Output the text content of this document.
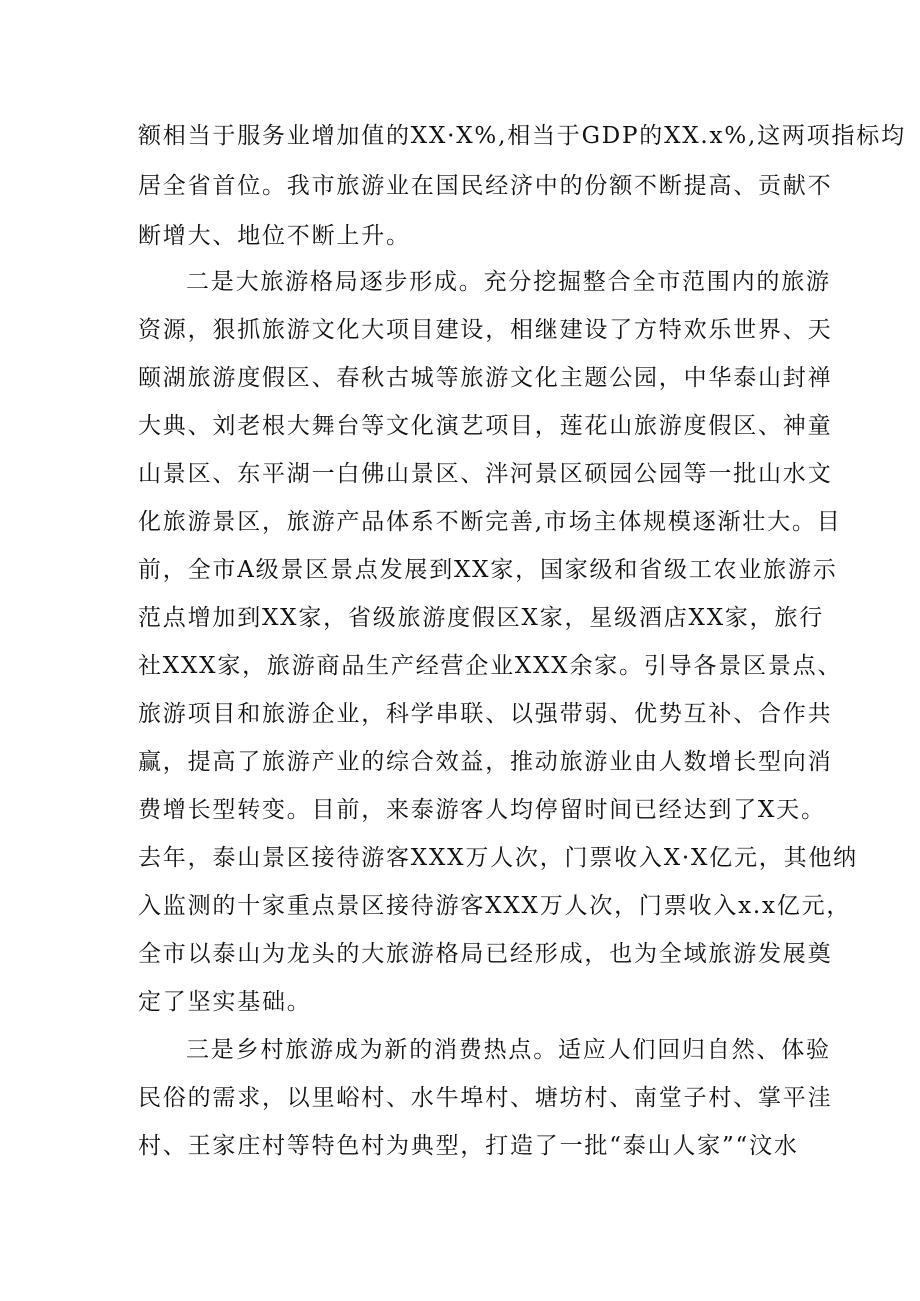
额相当于服务业增加值的XX·X%,相当于GDP的XX.x%,这两项指标均
居全省首位。我市旅游业在国民经济中的份额不断提高、贡献不
断增大、地位不断上升。
二是大旅游格局逐步形成。充分挖掘整合全市范围内的旅游
资源，狠抓旅游文化大项目建设，相继建设了方特欢乐世界、天
颐湖旅游度假区、春秋古城等旅游文化主题公园，中华泰山封禅
大典、刘老根大舞台等文化演艺项目，莲花山旅游度假区、神童
山景区、东平湖一白佛山景区、泮河景区硕园公园等一批山水文
化旅游景区，旅游产品体系不断完善,市场主体规模逐渐壮大。目
前，全市A级景区景点发展到XX家，国家级和省级工农业旅游示
范点增加到XX家，省级旅游度假区X家，星级酒店XX家，旅行
社XXX家，旅游商品生产经营企业XXX余家。引导各景区景点、
旅游项目和旅游企业，科学串联、以强带弱、优势互补、合作共
赢，提高了旅游产业的综合效益，推动旅游业由人数增长型向消
费增长型转变。目前，来泰游客人均停留时间已经达到了X天。
去年，泰山景区接待游客XXX万人次，门票收入X·X亿元，其他纳
入监测的十家重点景区接待游客XXX万人次，门票收入x.x亿元，
全市以泰山为龙头的大旅游格局已经形成，也为全域旅游发展奠
定了坚实基础。
三是乡村旅游成为新的消费热点。适应人们回归自然、体验
民俗的需求，以里峪村、水牛埠村、塘坊村、南堂子村、掌平洼
村、王家庄村等特色村为典型，打造了一批“泰山人家”“汶水
